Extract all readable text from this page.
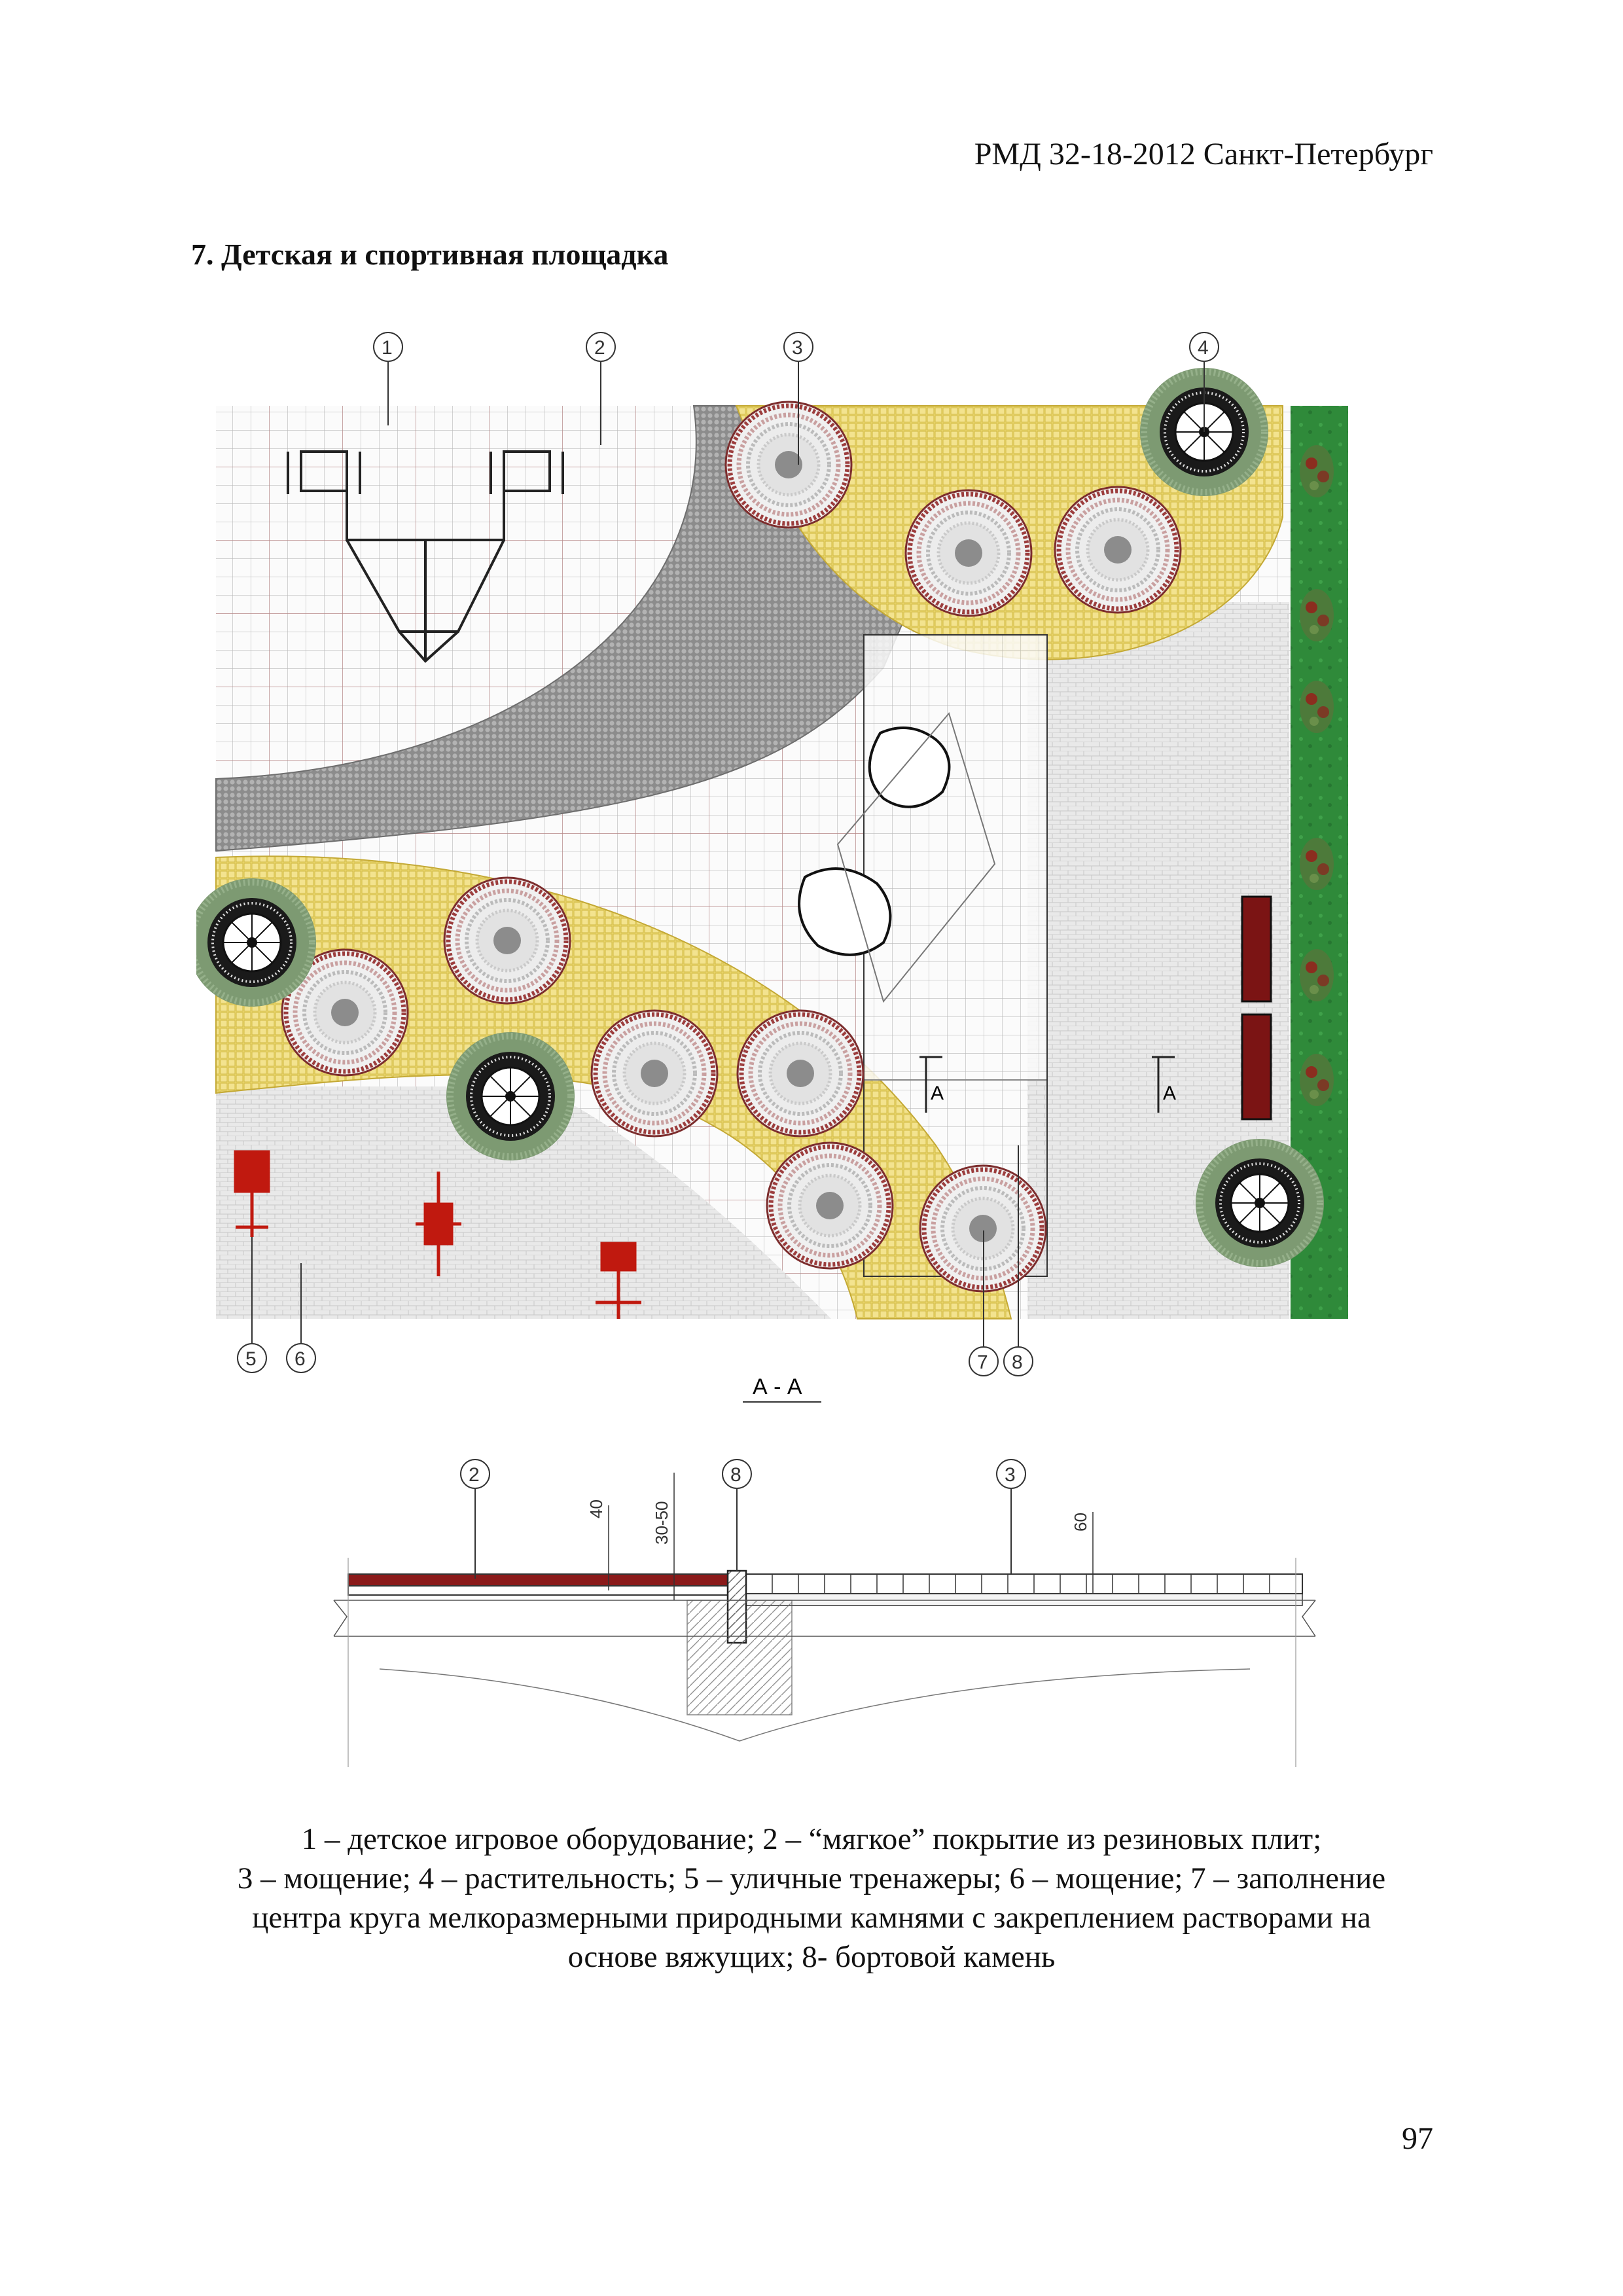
РМД 32-18-2012 Санкт-Петербург
7. Детская и спортивная площадка
А	А
1	2	3	4
5 6	7 8
А - А
2	8	3
40	30-50	60
1 – детское игровое оборудование; 2 – “мягкое” покрытие из резиновых плит;
3 – мощение; 4 – растительность; 5 – уличные тренажеры; 6 – мощение; 7 – заполнение
центра круга мелкоразмерными природными камнями с закреплением растворами на
основе вяжущих; 8- бортовой камень
97
